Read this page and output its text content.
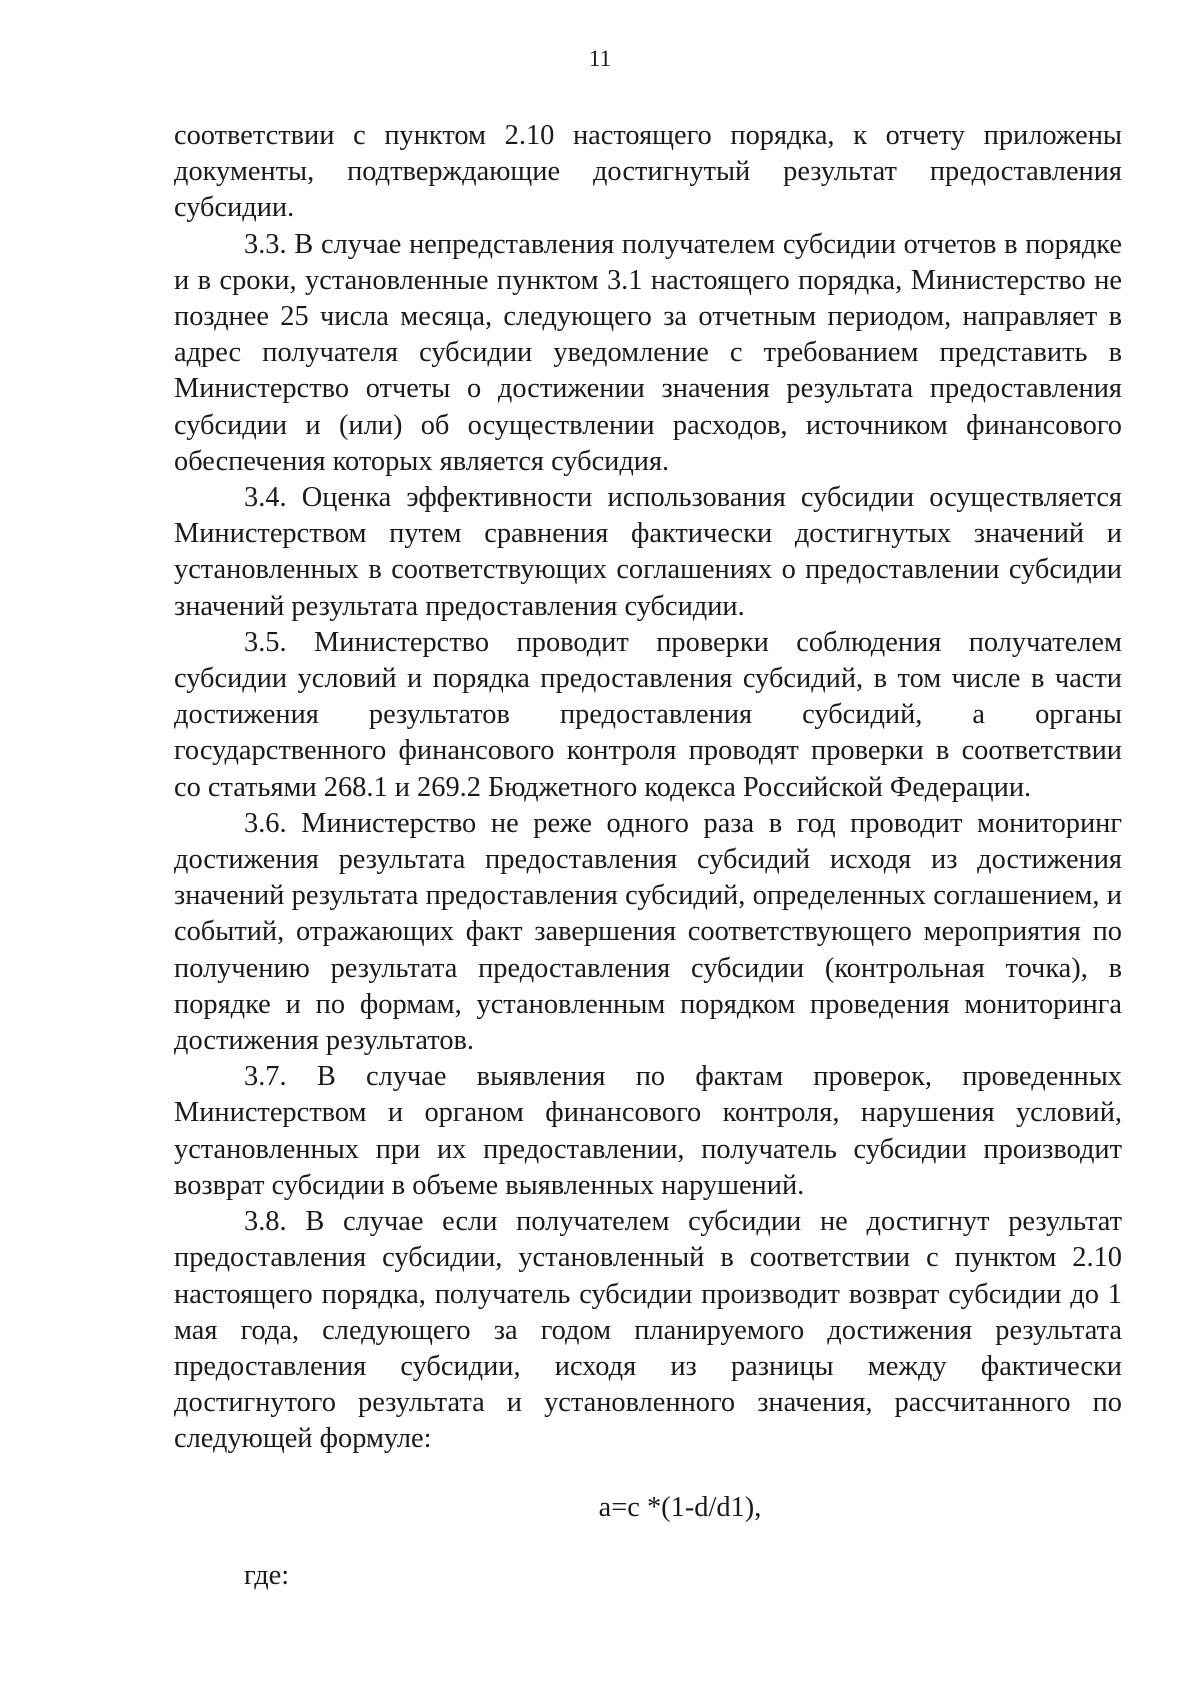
11

соответствии с пунктом 2.10 настоящего порядка, к отчету приложены документы, подтверждающие достигнутый результат предоставления субсидии.

3.3. В случае непредставления получателем субсидии отчетов в порядке и в сроки, установленные пунктом 3.1 настоящего порядка, Министерство не позднее 25 числа месяца, следующего за отчетным периодом, направляет в адрес получателя субсидии уведомление с требованием представить в Министерство отчеты о достижении значения результата предоставления субсидии и (или) об осуществлении расходов, источником финансового обеспечения которых является субсидия.

3.4. Оценка эффективности использования субсидии осуществляется Министерством путем сравнения фактически достигнутых значений и установленных в соответствующих соглашениях о предоставлении субсидии значений результата предоставления субсидии.

3.5. Министерство проводит проверки соблюдения получателем субсидии условий и порядка предоставления субсидий, в том числе в части достижения результатов предоставления субсидий, а органы государственного финансового контроля проводят проверки в соответствии со статьями 268.1 и 269.2 Бюджетного кодекса Российской Федерации.

3.6. Министерство не реже одного раза в год проводит мониторинг достижения результата предоставления субсидий исходя из достижения значений результата предоставления субсидий, определенных соглашением, и событий, отражающих факт завершения соответствующего мероприятия по получению результата предоставления субсидии (контрольная точка), в порядке и по формам, установленным порядком проведения мониторинга достижения результатов.

3.7. В случае выявления по фактам проверок, проведенных Министерством и органом финансового контроля, нарушения условий, установленных при их предоставлении, получатель субсидии производит возврат субсидии в объеме выявленных нарушений.

3.8. В случае если получателем субсидии не достигнут результат предоставления субсидии, установленный в соответствии с пунктом 2.10 настоящего порядка, получатель субсидии производит возврат субсидии до 1 мая года, следующего за годом планируемого достижения результата предоставления субсидии, исходя из разницы между фактически достигнутого результата и установленного значения, рассчитанного по следующей формуле:

a=c *(1-d/d1),

где:
